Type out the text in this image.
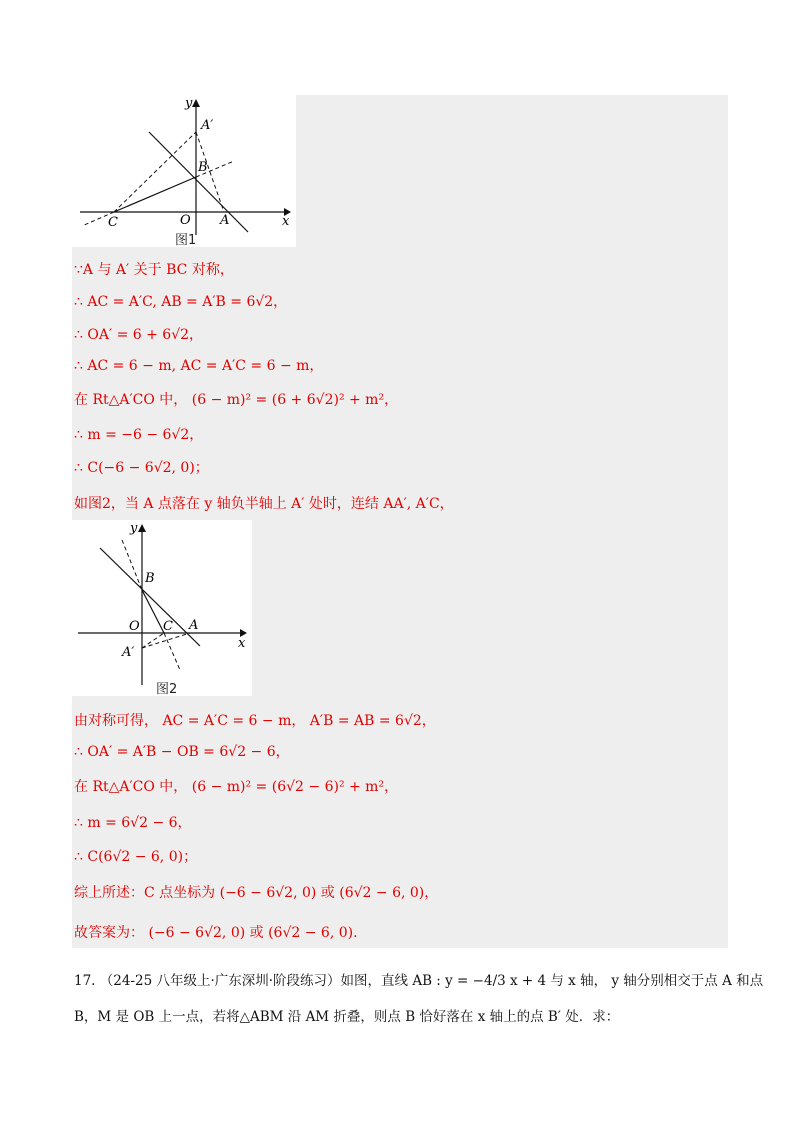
y
x
A′
B
C	O A
图1
∵A 与 A′ 关于 BC 对称，
∴ AC = A′C, AB = A′B = 6√2，
∴ OA′ = 6 + 6√2，
∴ AC = 6 − m, AC = A′C = 6 − m，
在 Rt△A′CO 中， (6 − m)² = (6 + 6√2)² + m²，
∴ m = −6 − 6√2，
∴ C(−6 − 6√2, 0)；
如图2，当 A 点落在 y 轴负半轴上 A′ 处时，连结 AA′, A′C，
y
x
B
O C A
A′
图2
由对称可得， AC = A′C = 6 − m， A′B = AB = 6√2，
∴ OA′ = A′B − OB = 6√2 − 6，
在 Rt△A′CO 中， (6 − m)² = (6√2 − 6)² + m²，
∴ m = 6√2 − 6，
∴ C(6√2 − 6, 0)；
综上所述：C 点坐标为 (−6 − 6√2, 0) 或 (6√2 − 6, 0)，
故答案为： (−6 − 6√2, 0) 或 (6√2 − 6, 0).
17. （24-25 八年级上·广东深圳·阶段练习）如图，直线 AB : y = −4/3 x + 4 与 x 轴， y 轴分别相交于点 A 和点
B，M 是 OB 上一点，若将△ABM 沿 AM 折叠，则点 B 恰好落在 x 轴上的点 B′ 处．求：
